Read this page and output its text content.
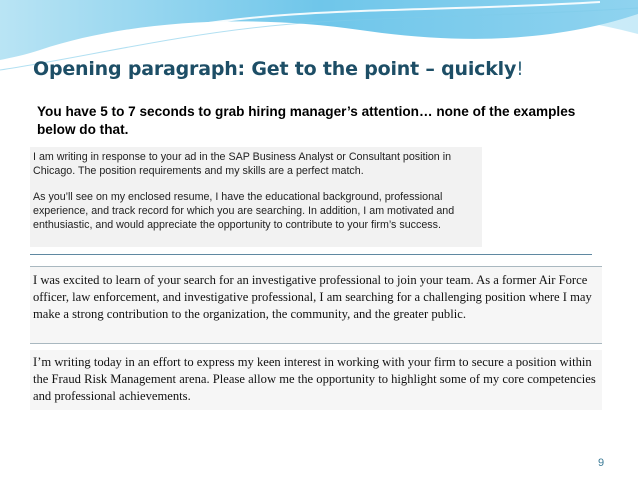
Opening paragraph: Get to the point – quickly!

You have 5 to 7 seconds to grab hiring manager’s attention… none of the examples below do that.

I am writing in response to your ad in the SAP Business Analyst or Consultant position in Chicago. The position requirements and my skills are a perfect match.

As you’ll see on my enclosed resume, I have the educational background, professional experience, and track record for which you are searching. In addition, I am motivated and enthusiastic, and would appreciate the opportunity to contribute to your firm’s success.

I was excited to learn of your search for an investigative professional to join your team. As a former Air Force officer, law enforcement, and investigative professional, I am searching for a challenging position where I may make a strong contribution to the organization, the community, and the greater public.

I’m writing today in an effort to express my keen interest in working with your firm to secure a position within the Fraud Risk Management arena. Please allow me the opportunity to highlight some of my core competencies and professional achievements.

9
